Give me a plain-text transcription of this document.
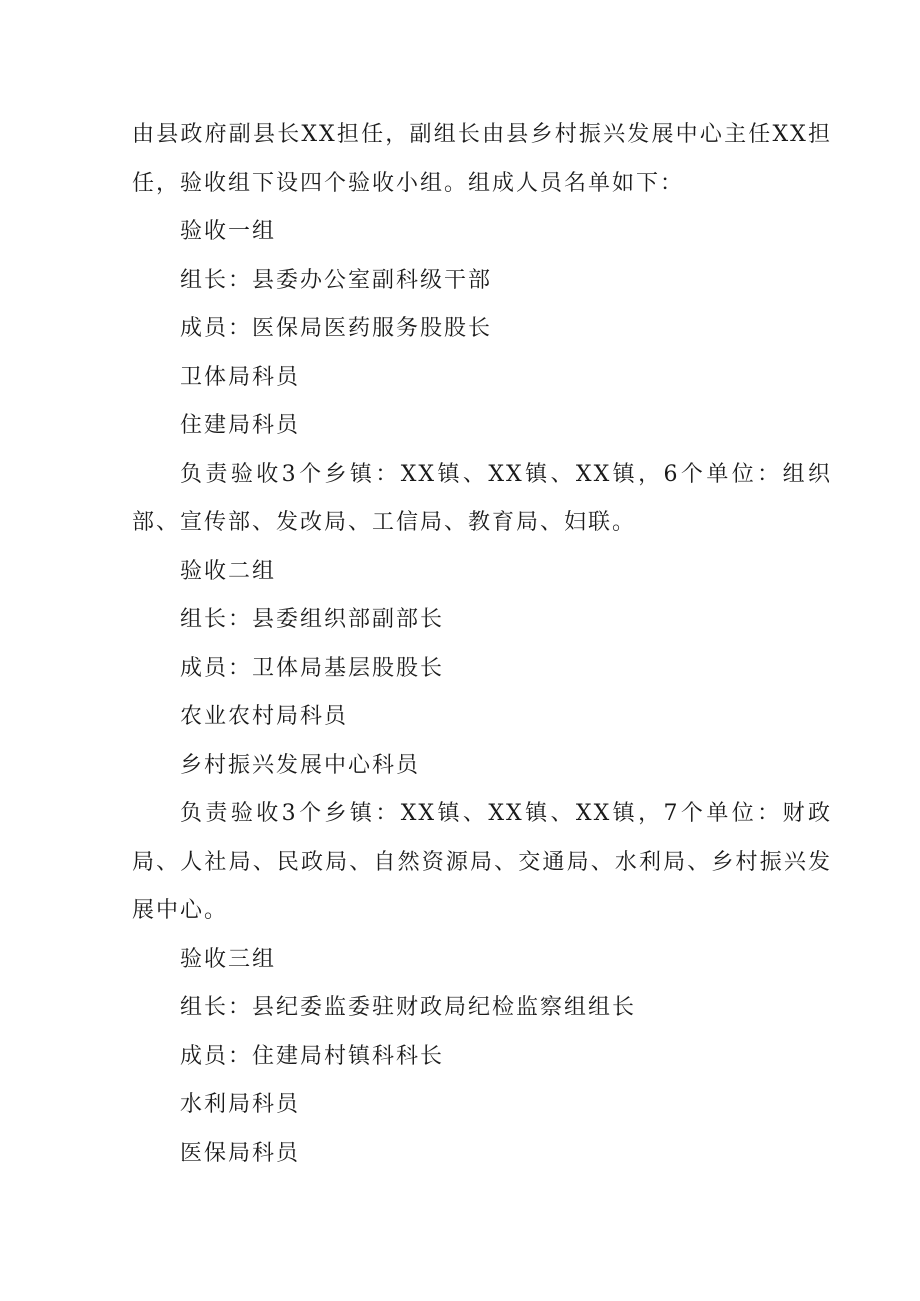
由县政府副县长XX担任，副组长由县乡村振兴发展中心主任XX担任，验收组下设四个验收小组。组成人员名单如下：

验收一组

组长：县委办公室副科级干部

成员：医保局医药服务股股长

卫体局科员

住建局科员

负责验收3个乡镇：XX镇、XX镇、XX镇，6个单位：组织部、宣传部、发改局、工信局、教育局、妇联。

验收二组

组长：县委组织部副部长

成员：卫体局基层股股长

农业农村局科员

乡村振兴发展中心科员

负责验收3个乡镇：XX镇、XX镇、XX镇，7个单位：财政局、人社局、民政局、自然资源局、交通局、水利局、乡村振兴发展中心。

验收三组

组长：县纪委监委驻财政局纪检监察组组长

成员：住建局村镇科科长

水利局科员

医保局科员
